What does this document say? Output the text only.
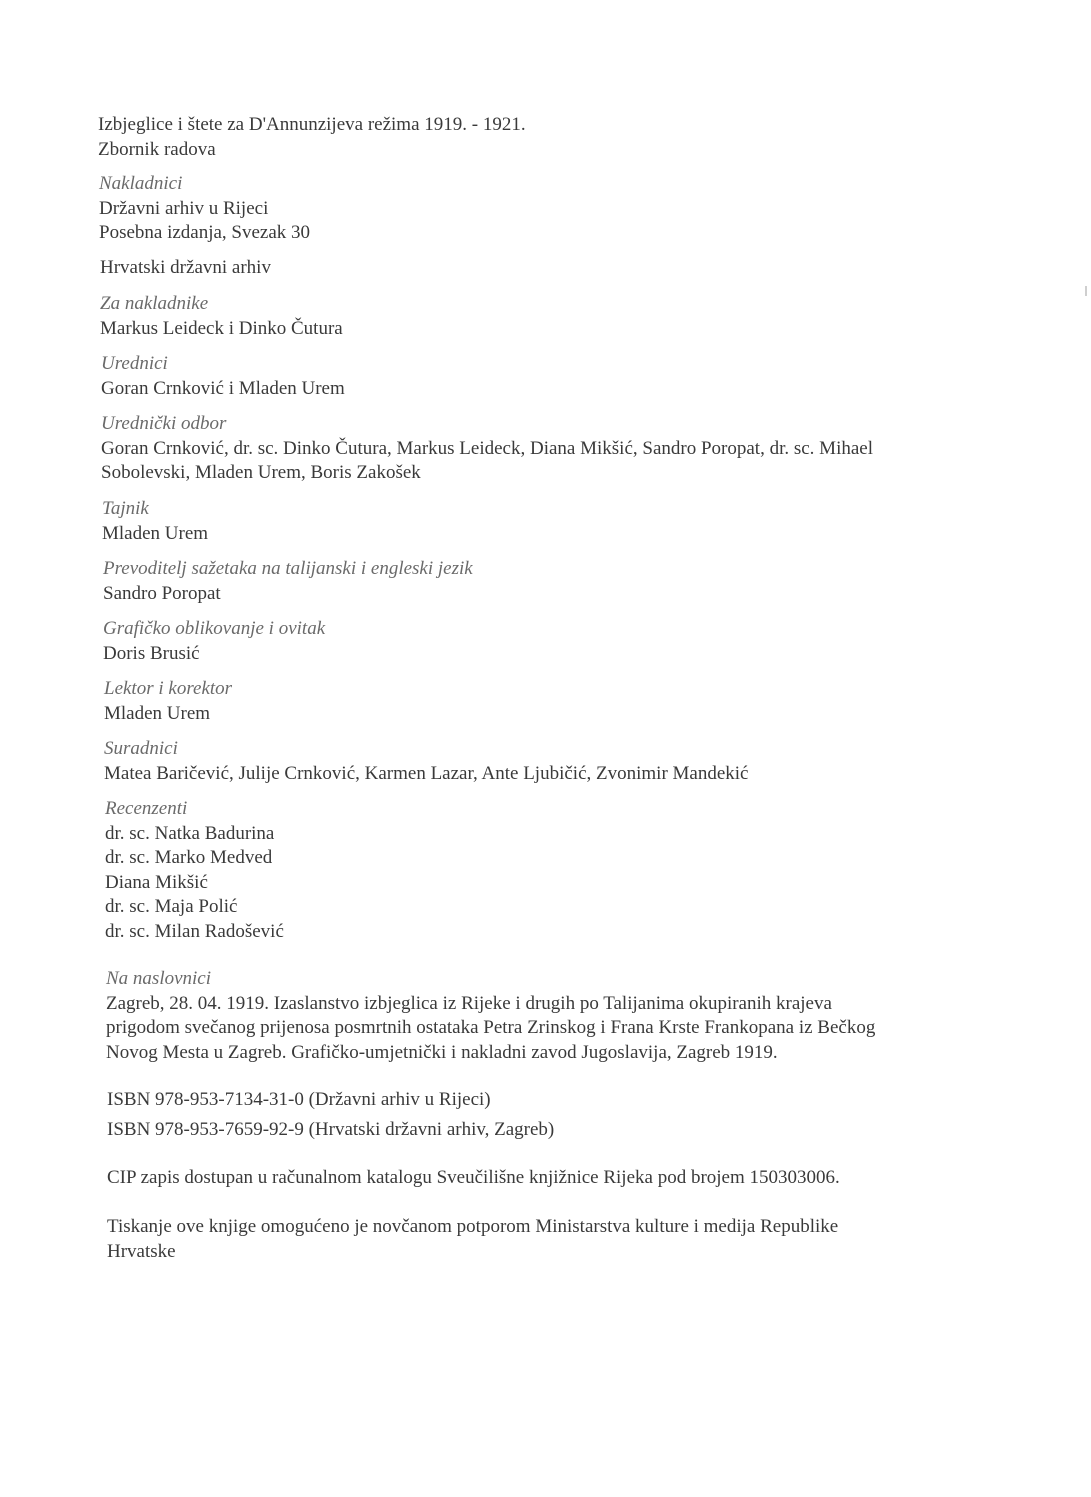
Izbjeglice i štete za D'Annunzijeva režima 1919. - 1921.
Zbornik radova
Nakladnici
Državni arhiv u Rijeci
Posebna izdanja, Svezak 30
Hrvatski državni arhiv
Za nakladnike
Markus Leideck i Dinko Čutura
Urednici
Goran Crnković i Mladen Urem
Urednički odbor
Goran Crnković, dr. sc. Dinko Čutura, Markus Leideck, Diana Mikšić, Sandro Poropat, dr. sc. Mihael
Sobolevski, Mladen Urem, Boris Zakošek
Tajnik
Mladen Urem
Prevoditelj sažetaka na talijanski i engleski jezik
Sandro Poropat
Grafičko oblikovanje i ovitak
Doris Brusić
Lektor i korektor
Mladen Urem
Suradnici
Matea Baričević, Julije Crnković, Karmen Lazar, Ante Ljubičić, Zvonimir Mandekić
Recenzenti
dr. sc. Natka Badurina
dr. sc. Marko Medved
Diana Mikšić
dr. sc. Maja Polić
dr. sc. Milan Radošević
Na naslovnici
Zagreb, 28. 04. 1919. Izaslanstvo izbjeglica iz Rijeke i drugih po Talijanima okupiranih krajeva
prigodom svečanog prijenosa posmrtnih ostataka Petra Zrinskog i Frana Krste Frankopana iz Bečkog
Novog Mesta u Zagreb. Grafičko-umjetnički i nakladni zavod Jugoslavija, Zagreb 1919.
ISBN 978-953-7134-31-0 (Državni arhiv u Rijeci)
ISBN 978-953-7659-92-9 (Hrvatski državni arhiv, Zagreb)
CIP zapis dostupan u računalnom katalogu Sveučilišne knjižnice Rijeka pod brojem 150303006.
Tiskanje ove knjige omogućeno je novčanom potporom Ministarstva kulture i medija Republike
Hrvatske
